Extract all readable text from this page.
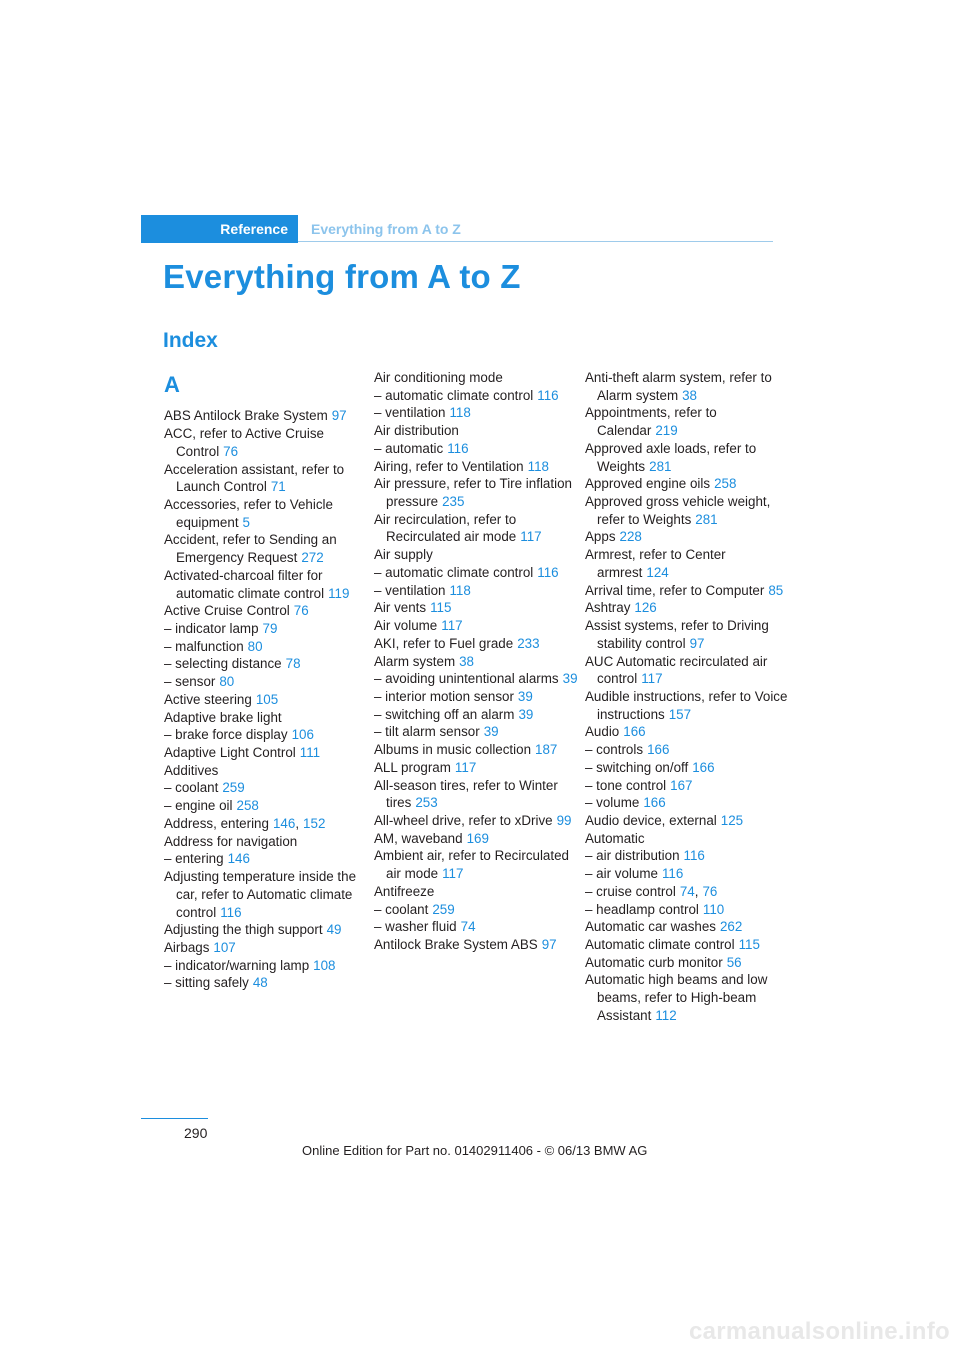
Reference	Everything from A to Z
Everything from A to Z
Index
A

ABS Antilock Brake System 97

ACC, refer to Active Cruise Control 76

Acceleration assistant, refer to Launch Control 71

Accessories, refer to Vehicle equipment 5

Accident, refer to Sending an Emergency Request 272

Activated-charcoal filter for automatic climate control 119

Active Cruise Control 76

– indicator lamp 79

– malfunction 80

– selecting distance 78

– sensor 80

Active steering 105

Adaptive brake light

– brake force display 106

Adaptive Light Control 111

Additives

– coolant 259

– engine oil 258

Address, entering 146, 152

Address for navigation

– entering 146

Adjusting temperature inside the car, refer to Automatic climate control 116

Adjusting the thigh support 49

Airbags 107

– indicator/warning lamp 108

– sitting safely 48

Air conditioning mode

– automatic climate control 116

– ventilation 118

Air distribution

– automatic 116

Airing, refer to Ventilation 118

Air pressure, refer to Tire inflation pressure 235

Air recirculation, refer to Recirculated air mode 117

Air supply

– automatic climate control 116

– ventilation 118

Air vents 115

Air volume 117

AKI, refer to Fuel grade 233

Alarm system 38

– avoiding unintentional alarms 39

– interior motion sensor 39

– switching off an alarm 39

– tilt alarm sensor 39

Albums in music collection 187

ALL program 117

All-season tires, refer to Winter tires 253

All-wheel drive, refer to xDrive 99

AM, waveband 169

Ambient air, refer to Recirculated air mode 117

Antifreeze

– coolant 259

– washer fluid 74

Antilock Brake System ABS 97

Anti-theft alarm system, refer to Alarm system 38

Appointments, refer to Calendar 219

Approved axle loads, refer to Weights 281

Approved engine oils 258

Approved gross vehicle weight, refer to Weights 281

Apps 228

Armrest, refer to Center armrest 124

Arrival time, refer to Computer 85

Ashtray 126

Assist systems, refer to Driving stability control 97

AUC Automatic recirculated air control 117

Audible instructions, refer to Voice instructions 157

Audio 166

– controls 166

– switching on/off 166

– tone control 167

– volume 166

Audio device, external 125

Automatic

– air distribution 116

– air volume 116

– cruise control 74, 76

– headlamp control 110

Automatic car washes 262

Automatic climate control 115

Automatic curb monitor 56

Automatic high beams and low beams, refer to High-beam Assistant 112

290
Online Edition for Part no. 01402911406 - © 06/13 BMW AG
carmanualsonline.info
